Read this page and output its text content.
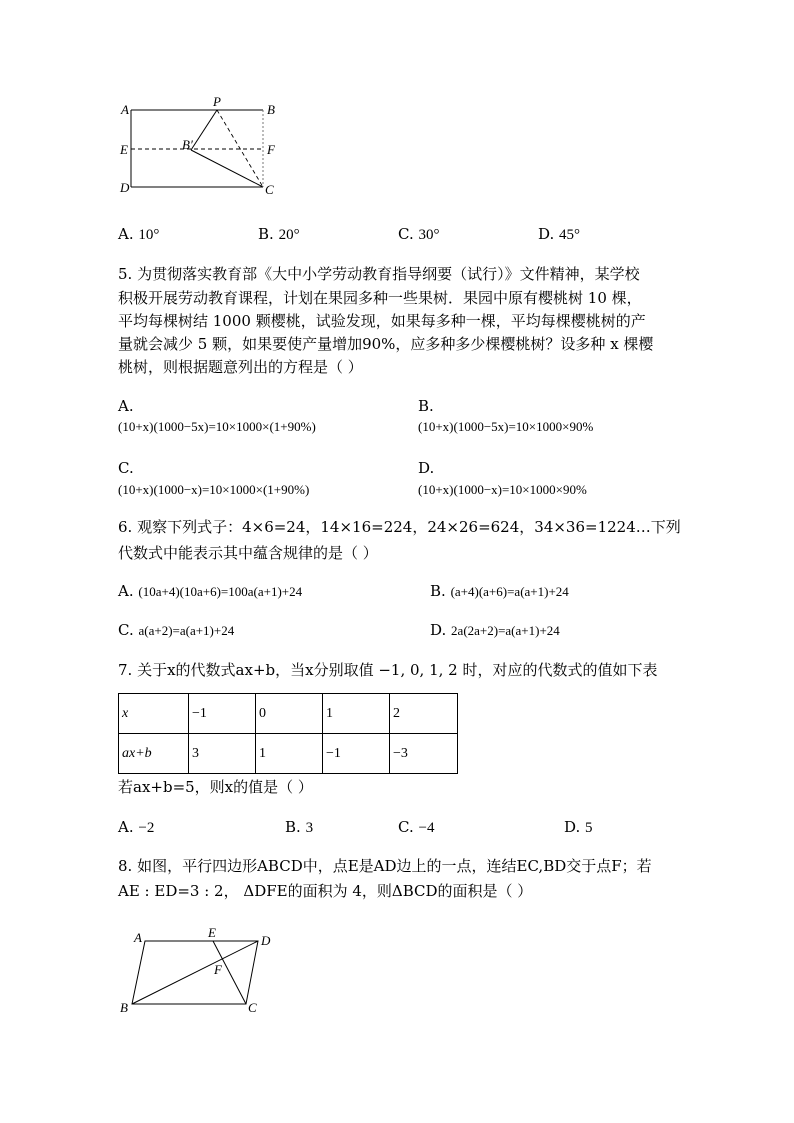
A
P
B
E	B′	F
D	C
A. 10°	B. 20°	C. 30°	D. 45°
5. 为贯彻落实教育部《大中小学劳动教育指导纲要（试行）》文件精神，某学校
积极开展劳动教育课程，计划在果园多种一些果树．果园中原有樱桃树 10 棵，
平均每棵树结 1000 颗樱桃，试验发现，如果每多种一棵，平均每棵樱桃树的产
量就会减少 5 颗，如果要使产量增加90%，应多种多少棵樱桃树？设多种 x 棵樱
桃树，则根据题意列出的方程是（ ）
A.
(10+x)(1000−5x)=10×1000×(1+90%)
B.
(10+x)(1000−5x)=10×1000×90%
C.
(10+x)(1000−x)=10×1000×(1+90%)
D.
(10+x)(1000−x)=10×1000×90%
6. 观察下列式子：4×6=24，14×16=224，24×26=624，34×36=1224…下列
代数式中能表示其中蕴含规律的是（ ）
A. (10a+4)(10a+6)=100a(a+1)+24	B. (a+4)(a+6)=a(a+1)+24
C. a(a+2)=a(a+1)+24	D. 2a(2a+2)=a(a+1)+24
7. 关于x的代数式ax+b，当x分别取值 −1, 0, 1, 2 时，对应的代数式的值如下表
x	−1	0	1	2
ax+b	3	1	−1	−3
若ax+b=5，则x的值是（ ）
A. −2	B. 3	C. −4	D. 5
8. 如图，平行四边形ABCD中，点E是AD边上的一点，连结EC,BD交于点F；若
AE : ED=3 : 2， ΔDFE的面积为 4，则ΔBCD的面积是（ ）
A	E
D
F
B	C
